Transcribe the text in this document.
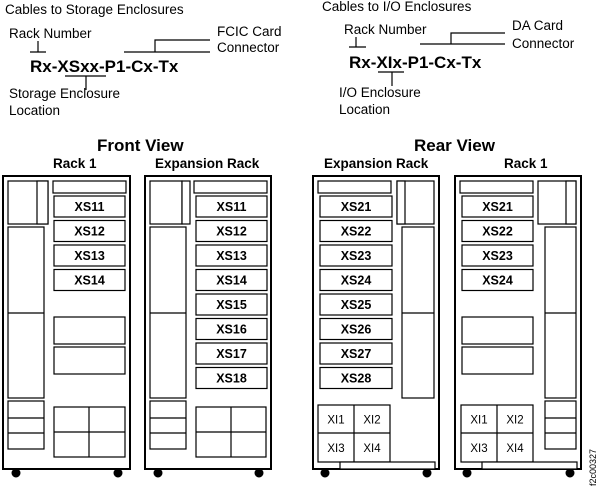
Cables to Storage Enclosures
Rack Number
Rx-XSxx-P1-Cx-Tx
FCIC Card
Connector
Storage Enclosure
Location
Cables to I/O Enclosures
Rack Number
Rx-XIx-P1-Cx-Tx
DA Card
Connector
I/O Enclosure
Location
Front View	Rear View
Rack 1	Expansion Rack	Expansion Rack	Rack 1
XS11
XS12
XS13
XS14
XS11
XS12
XS13
XS14
XS15
XS16
XS17
XS18
XS21
XS22
XS23
XS24
XS25
XS26
XS27
XS28
XI1 XI2
XI3 XI4
XS21
XS22
XS23
XS24
XI1 XI2
XI3 XI4
f2c00327
